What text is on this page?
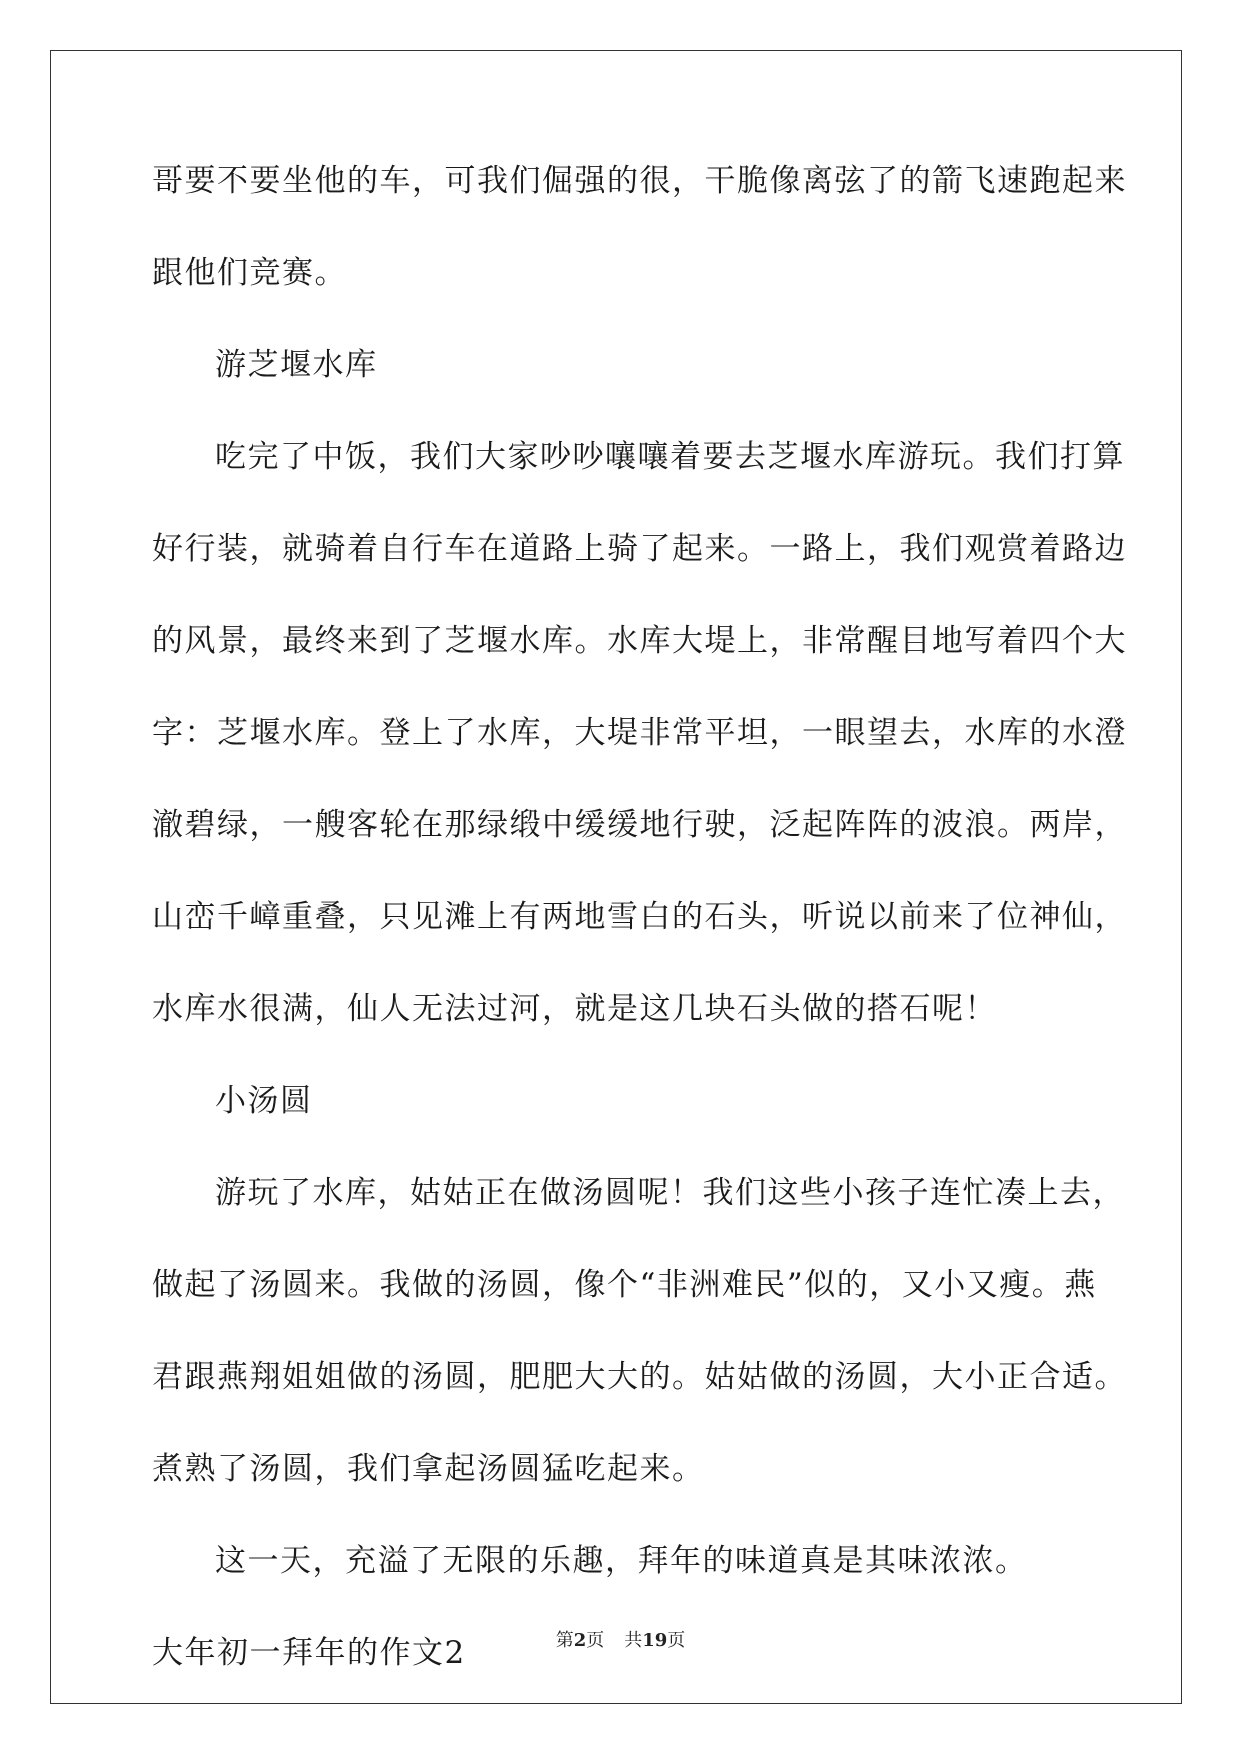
哥要不要坐他的车，可我们倔强的很，干脆像离弦了的箭飞速跑起来
跟他们竞赛。
游芝堰水库
吃完了中饭，我们大家吵吵嚷嚷着要去芝堰水库游玩。我们打算
好行装，就骑着自行车在道路上骑了起来。一路上，我们观赏着路边
的风景，最终来到了芝堰水库。水库大堤上，非常醒目地写着四个大
字：芝堰水库。登上了水库，大堤非常平坦，一眼望去，水库的水澄
澈碧绿，一艘客轮在那绿缎中缓缓地行驶，泛起阵阵的波浪。两岸，
山峦千嶂重叠，只见滩上有两地雪白的石头，听说以前来了位神仙，
水库水很满，仙人无法过河，就是这几块石头做的搭石呢！
小汤圆
游玩了水库，姑姑正在做汤圆呢！我们这些小孩子连忙凑上去，
做起了汤圆来。我做的汤圆，像个“非洲难民”似的，又小又瘦。燕
君跟燕翔姐姐做的汤圆，肥肥大大的。姑姑做的汤圆，大小正合适。
煮熟了汤圆，我们拿起汤圆猛吃起来。
这一天，充溢了无限的乐趣，拜年的味道真是其味浓浓。
大年初一拜年的作文2	第2页 共19页
